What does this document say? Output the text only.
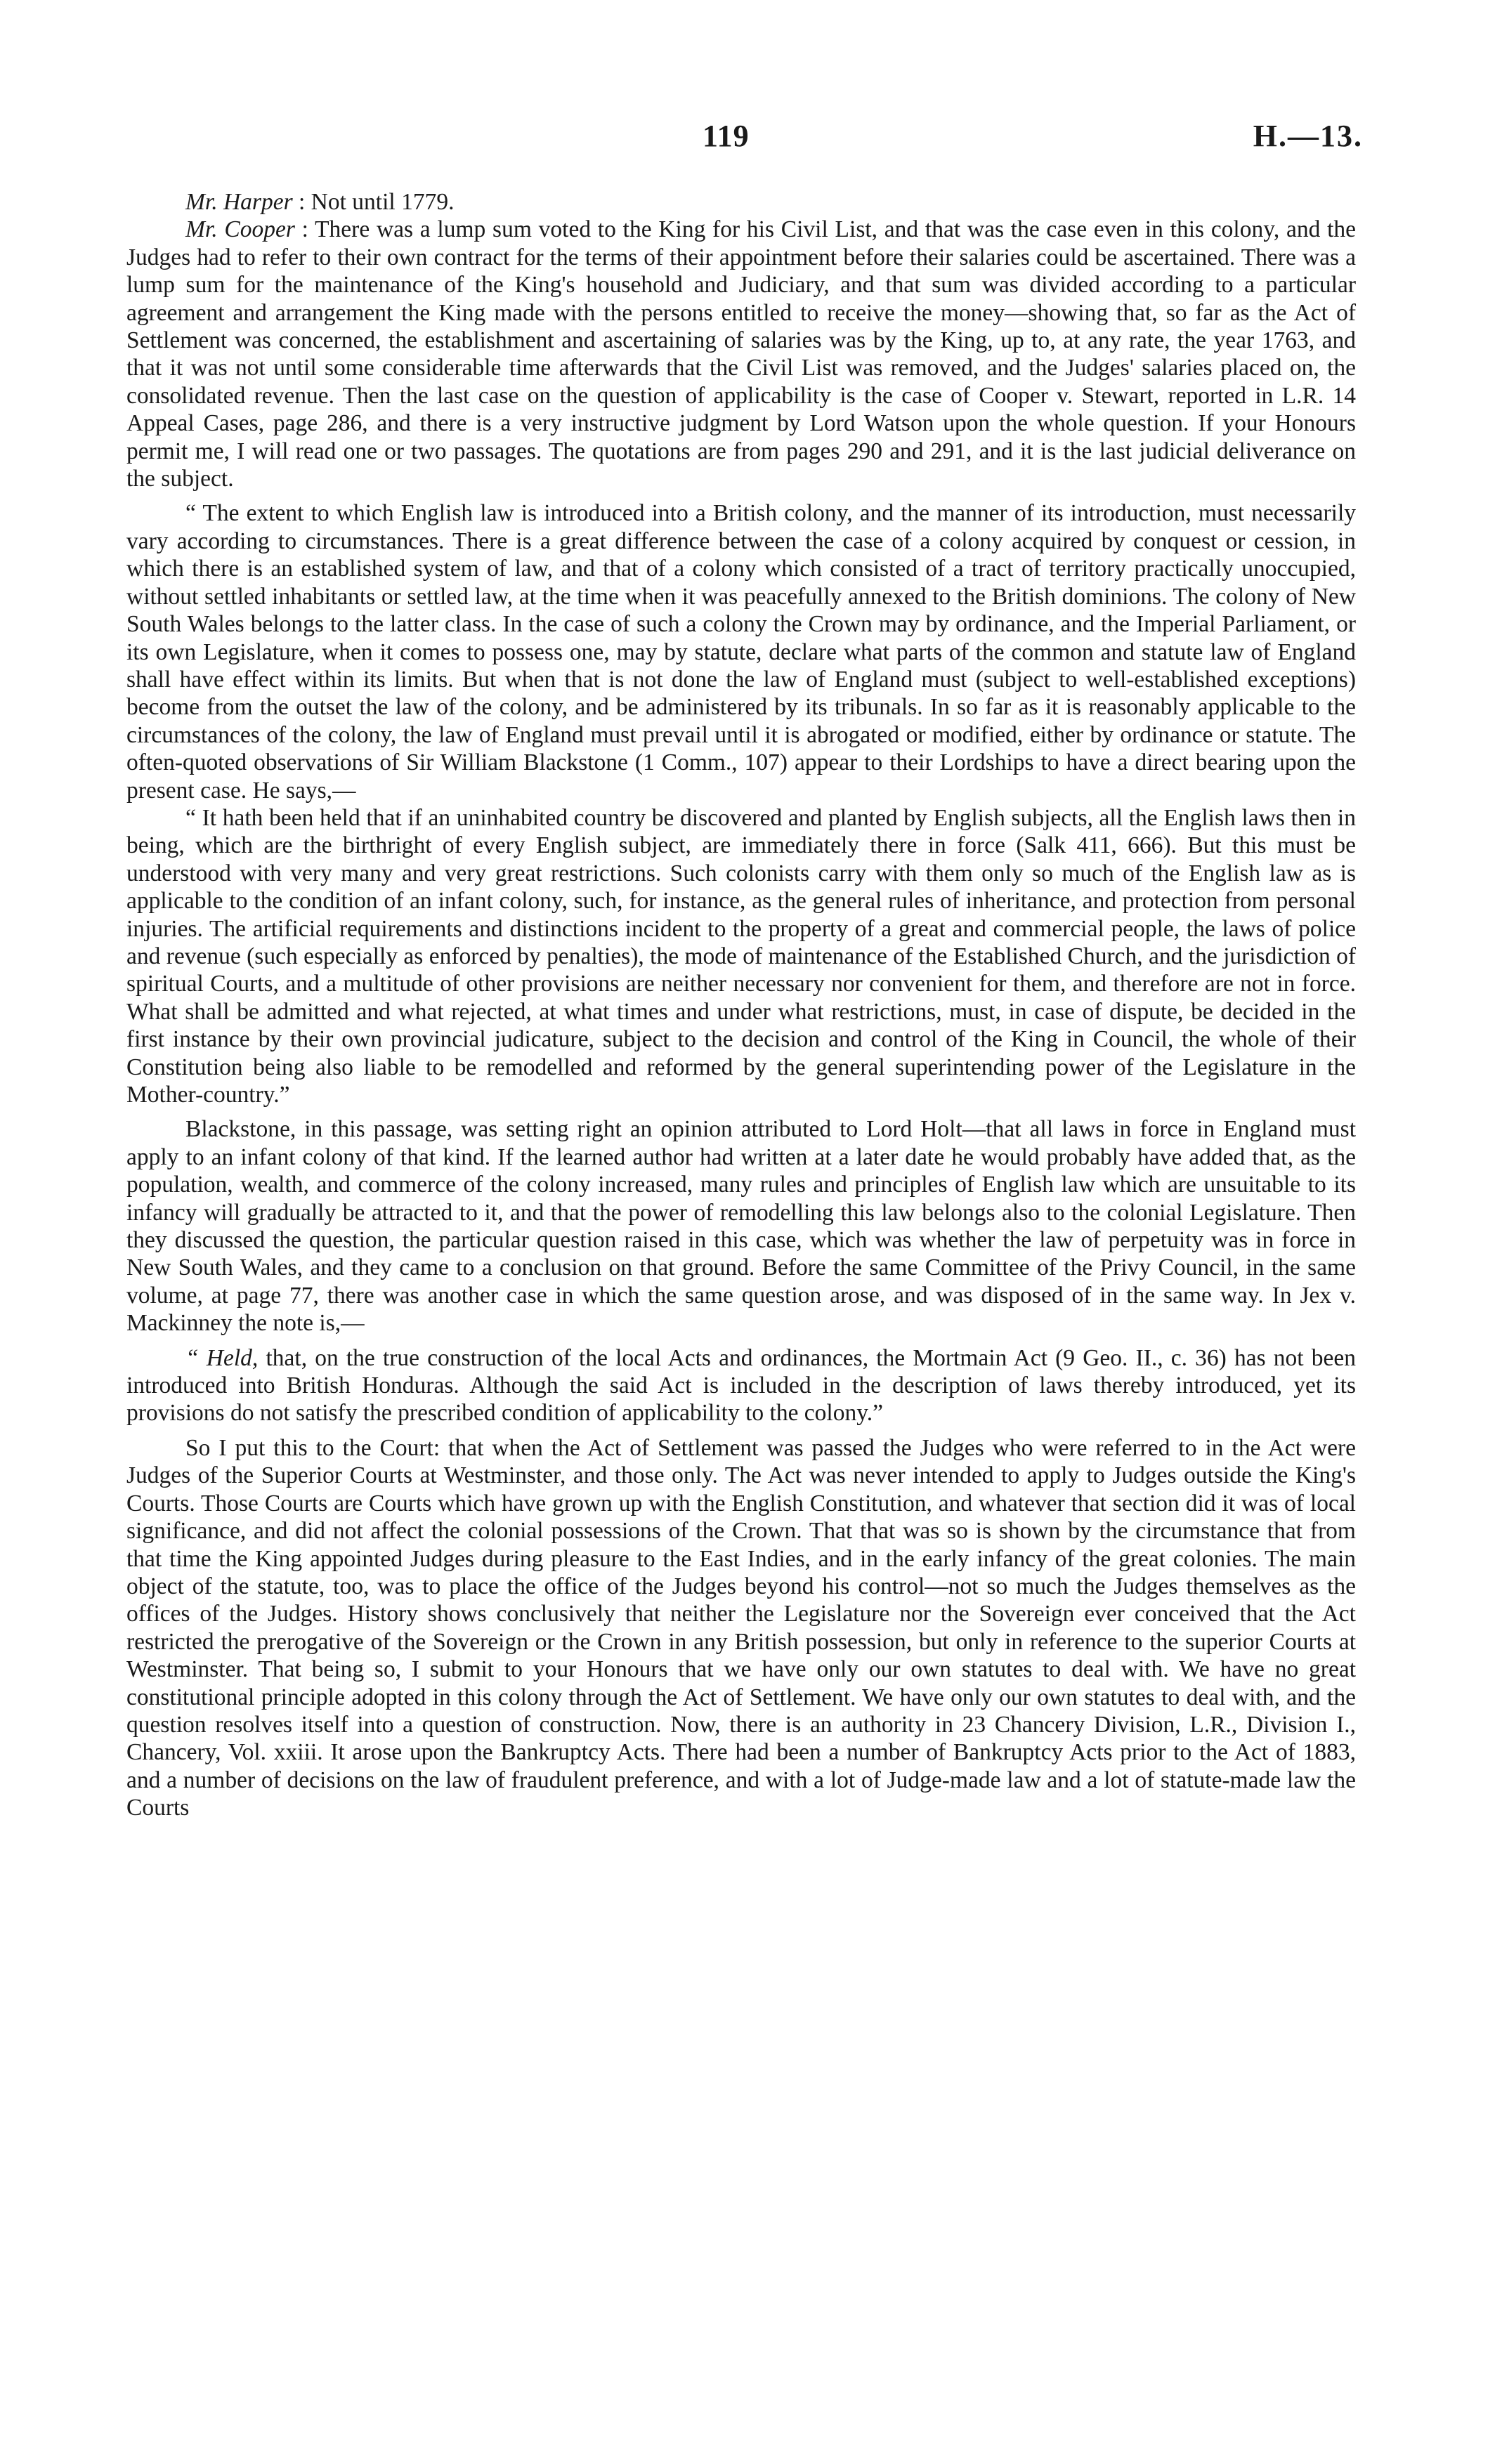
119	H.—13.

Mr. Harper : Not until 1779.

Mr. Cooper : There was a lump sum voted to the King for his Civil List, and that was the case even in this colony, and the Judges had to refer to their own contract for the terms of their appointment before their salaries could be ascertained. There was a lump sum for the maintenance of the King's household and Judiciary, and that sum was divided according to a particular agreement and arrangement the King made with the persons entitled to receive the money—showing that, so far as the Act of Settlement was concerned, the establishment and ascertaining of salaries was by the King, up to, at any rate, the year 1763, and that it was not until some considerable time afterwards that the Civil List was removed, and the Judges' salaries placed on, the consolidated revenue. Then the last case on the question of applicability is the case of Cooper v. Stewart, reported in L.R. 14 Appeal Cases, page 286, and there is a very instructive judgment by Lord Watson upon the whole question. If your Honours permit me, I will read one or two passages. The quotations are from pages 290 and 291, and it is the last judicial deliverance on the subject.

“ The extent to which English law is introduced into a British colony, and the manner of its introduction, must necessarily vary according to circumstances. There is a great difference between the case of a colony acquired by conquest or cession, in which there is an established system of law, and that of a colony which consisted of a tract of territory practically unoccupied, without settled inhabitants or settled law, at the time when it was peacefully annexed to the British dominions. The colony of New South Wales belongs to the latter class. In the case of such a colony the Crown may by ordinance, and the Imperial Parliament, or its own Legislature, when it comes to possess one, may by statute, declare what parts of the common and statute law of England shall have effect within its limits. But when that is not done the law of England must (subject to well-established exceptions) become from the outset the law of the colony, and be administered by its tribunals. In so far as it is reasonably applicable to the circumstances of the colony, the law of England must prevail until it is abrogated or modified, either by ordinance or statute. The often-quoted observations of Sir William Blackstone (1 Comm., 107) appear to their Lordships to have a direct bearing upon the present case. He says,—

“ It hath been held that if an uninhabited country be discovered and planted by English subjects, all the English laws then in being, which are the birthright of every English subject, are immediately there in force (Salk 411, 666). But this must be understood with very many and very great restrictions. Such colonists carry with them only so much of the English law as is applicable to the condition of an infant colony, such, for instance, as the general rules of inheritance, and protection from personal injuries. The artificial requirements and distinctions incident to the property of a great and commercial people, the laws of police and revenue (such especially as enforced by penalties), the mode of maintenance of the Established Church, and the jurisdiction of spiritual Courts, and a multitude of other provisions are neither necessary nor convenient for them, and therefore are not in force. What shall be admitted and what rejected, at what times and under what restrictions, must, in case of dispute, be decided in the first instance by their own provincial judicature, subject to the decision and control of the King in Council, the whole of their Constitution being also liable to be remodelled and reformed by the general superintending power of the Legislature in the Mother-country.”

Blackstone, in this passage, was setting right an opinion attributed to Lord Holt—that all laws in force in England must apply to an infant colony of that kind. If the learned author had written at a later date he would probably have added that, as the population, wealth, and commerce of the colony increased, many rules and principles of English law which are unsuitable to its infancy will gradually be attracted to it, and that the power of remodelling this law belongs also to the colonial Legislature. Then they discussed the question, the particular question raised in this case, which was whether the law of perpetuity was in force in New South Wales, and they came to a conclusion on that ground. Before the same Committee of the Privy Council, in the same volume, at page 77, there was another case in which the same question arose, and was disposed of in the same way. In Jex v. Mackinney the note is,—

“ Held, that, on the true construction of the local Acts and ordinances, the Mortmain Act (9 Geo. II., c. 36) has not been introduced into British Honduras. Although the said Act is included in the description of laws thereby introduced, yet its provisions do not satisfy the prescribed condition of applicability to the colony.”

So I put this to the Court: that when the Act of Settlement was passed the Judges who were referred to in the Act were Judges of the Superior Courts at Westminster, and those only. The Act was never intended to apply to Judges outside the King's Courts. Those Courts are Courts which have grown up with the English Constitution, and whatever that section did it was of local significance, and did not affect the colonial possessions of the Crown. That that was so is shown by the circumstance that from that time the King appointed Judges during pleasure to the East Indies, and in the early infancy of the great colonies. The main object of the statute, too, was to place the office of the Judges beyond his control—not so much the Judges themselves as the offices of the Judges. History shows conclusively that neither the Legislature nor the Sovereign ever conceived that the Act restricted the prerogative of the Sovereign or the Crown in any British possession, but only in reference to the superior Courts at Westminster. That being so, I submit to your Honours that we have only our own statutes to deal with. We have no great constitutional principle adopted in this colony through the Act of Settlement. We have only our own statutes to deal with, and the question resolves itself into a question of construction. Now, there is an authority in 23 Chancery Division, L.R., Division I., Chancery, Vol. xxiii. It arose upon the Bankruptcy Acts. There had been a number of Bankruptcy Acts prior to the Act of 1883, and a number of decisions on the law of fraudulent preference, and with a lot of Judge-made law and a lot of statute-made law the Courts
